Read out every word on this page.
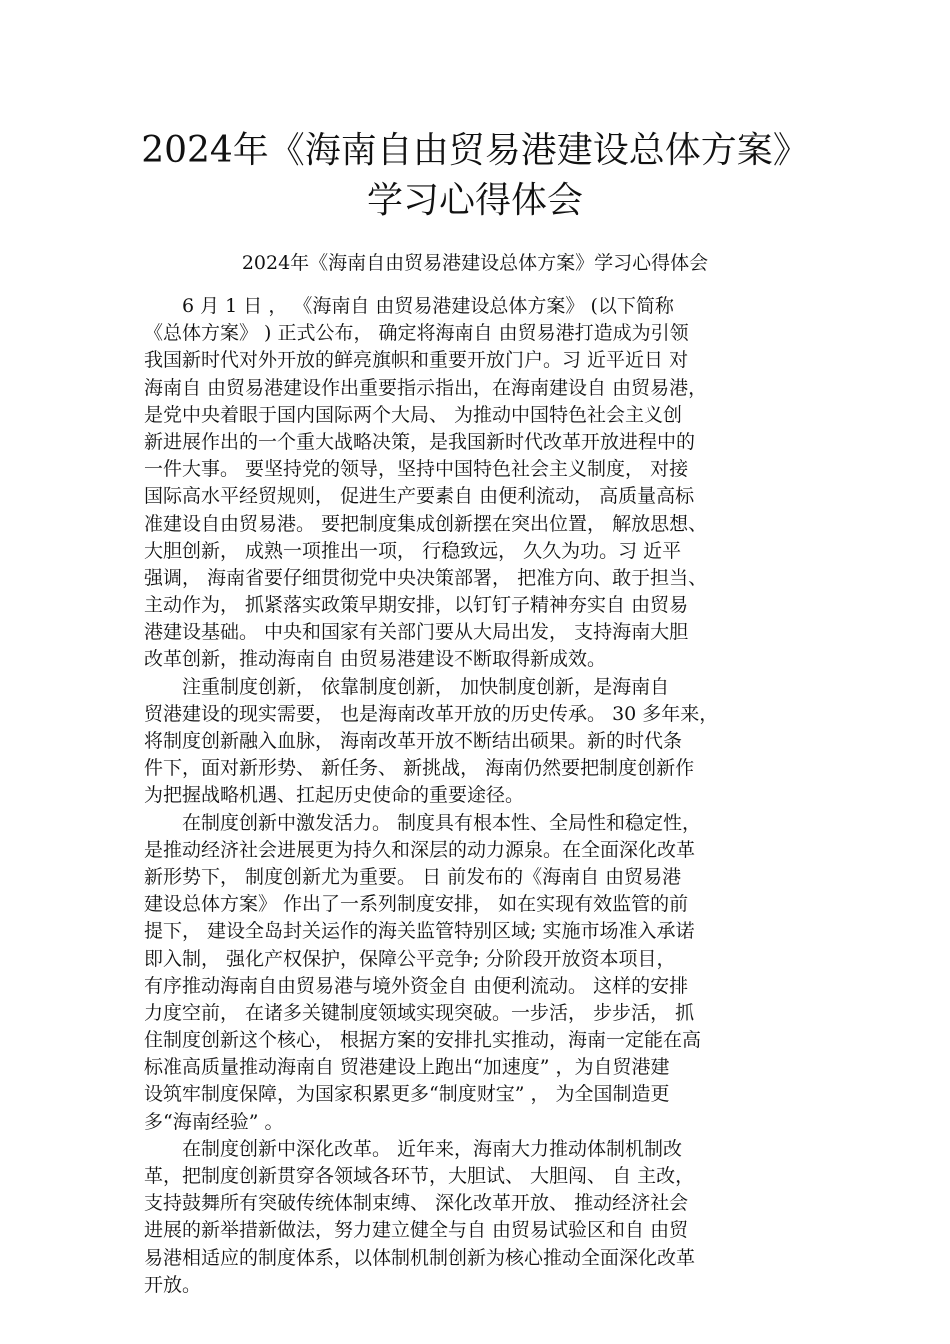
2024年《海南自由贸易港建设总体方案》
学习心得体会

2024年《海南自由贸易港建设总体方案》学习心得体会

　　6 月 1 日 ， 《海南自 由贸易港建设总体方案》 (以下简称
《总体方案》 ) 正式公布， 确定将海南自 由贸易港打造成为引领
我国新时代对外开放的鲜亮旗帜和重要开放门户。习 近平近日 对
海南自 由贸易港建设作出重要指示指出，在海南建设自 由贸易港，
是党中央着眼于国内国际两个大局、 为推动中国特色社会主义创
新进展作出的一个重大战略决策，是我国新时代改革开放进程中的
一件大事。 要坚持党的领导，坚持中国特色社会主义制度， 对接
国际高水平经贸规则， 促进生产要素自 由便利流动， 高质量高标
准建设自由贸易港。 要把制度集成创新摆在突出位置， 解放思想、
大胆创新， 成熟一项推出一项， 行稳致远， 久久为功。习 近平
强调， 海南省要仔细贯彻党中央决策部署， 把准方向、敢于担当、
主动作为， 抓紧落实政策早期安排，以钉钉子精神夯实自 由贸易
港建设基础。 中央和国家有关部门要从大局出发， 支持海南大胆
改革创新，推动海南自 由贸易港建设不断取得新成效。
　　注重制度创新， 依靠制度创新， 加快制度创新，是海南自
贸港建设的现实需要， 也是海南改革开放的历史传承。 30 多年来，
将制度创新融入血脉， 海南改革开放不断结出硕果。新的时代条
件下，面对新形势、 新任务、 新挑战， 海南仍然要把制度创新作
为把握战略机遇、扛起历史使命的重要途径。
　　在制度创新中激发活力。 制度具有根本性、全局性和稳定性，
是推动经济社会进展更为持久和深层的动力源泉。在全面深化改革
新形势下， 制度创新尤为重要。 日 前发布的《海南自 由贸易港
建设总体方案》 作出了一系列制度安排， 如在实现有效监管的前
提下， 建设全岛封关运作的海关监管特别区域; 实施市场准入承诺
即入制， 强化产权保护，保障公平竞争; 分阶段开放资本项目，
有序推动海南自由贸易港与境外资金自 由便利流动。 这样的安排
力度空前， 在诸多关键制度领域实现突破。一步活， 步步活， 抓
住制度创新这个核心， 根据方案的安排扎实推动，海南一定能在高
标准高质量推动海南自 贸港建设上跑出“加速度” ，为自贸港建
设筑牢制度保障，为国家积累更多“制度财宝” ， 为全国制造更
多“海南经验” 。
　　在制度创新中深化改革。 近年来，海南大力推动体制机制改
革，把制度创新贯穿各领域各环节，大胆试、 大胆闯、 自 主改，
支持鼓舞所有突破传统体制束缚、 深化改革开放、 推动经济社会
进展的新举措新做法，努力建立健全与自 由贸易试验区和自 由贸
易港相适应的制度体系，以体制机制创新为核心推动全面深化改革
开放。
